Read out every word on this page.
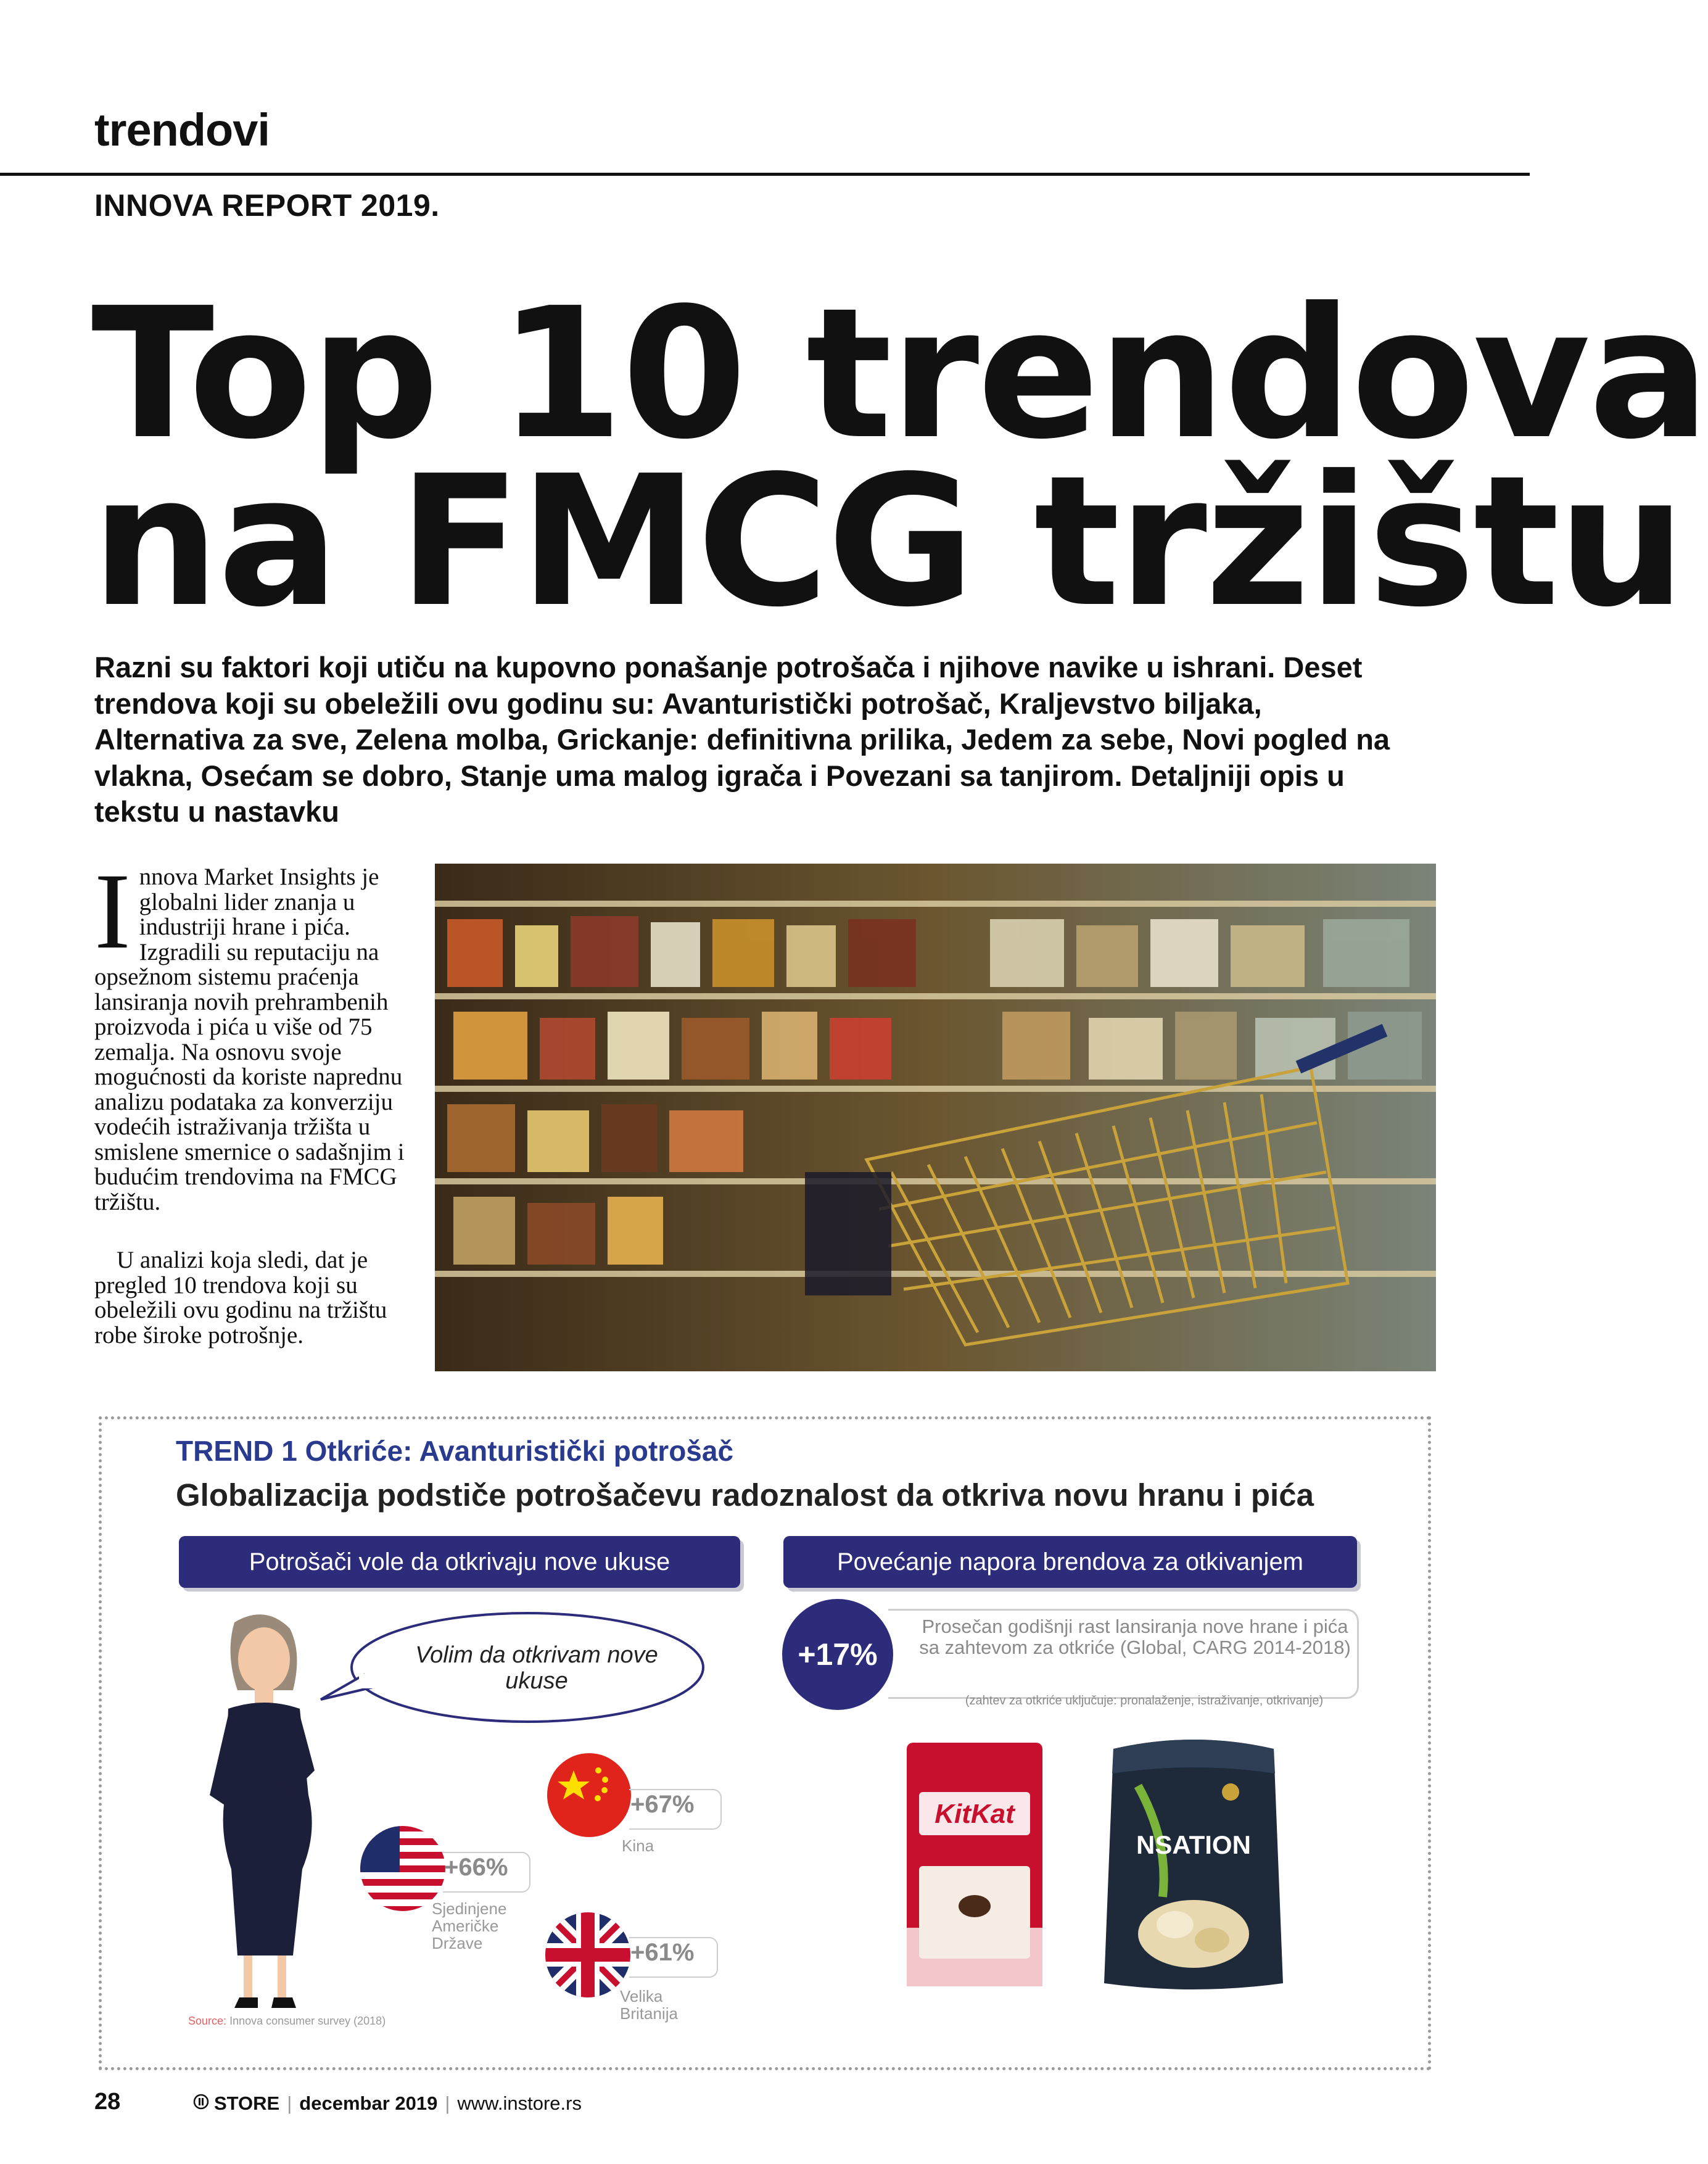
trendovi
INNOVA REPORT 2019.
Top 10 trendova
na FMCG tržištu
Razni su faktori koji utiču na kupovno ponašanje potrošača i njihove navike u ishrani. Deset trendova koji su obeležili ovu godinu su: Avanturistički potrošač, Kraljevstvo biljaka, Alternativa za sve, Zelena molba, Grickanje: definitivna prilika, Jedem za sebe, Novi pogled na vlakna, Osećam se dobro, Stanje uma malog igrača i Povezani sa tanjirom. Detaljniji opis u tekstu u nastavku

Innova Market Insights je globalni lider znanja u industriji hrane i pića. Izgradili su reputaciju na opsežnom sistemu praćenja lansiranja novih prehrambenih proizvoda i pića u više od 75 zemalja. Na osnovu svoje mogućnosti da koriste naprednu analizu podataka za konverziju vodećih istraživanja tržišta u smislene smernice o sadašnjim i budućim trendovima na FMCG tržištu.

U analizi koja sledi, dat je pregled 10 trendova koji su obeležili ovu godinu na tržištu robe široke potrošnje.

TREND 1 Otkriće: Avanturistički potrošač
Globalizacija podstiče potrošačevu radoznalost da otkriva novu hranu i pića
Potrošači vole da otkrivaju nove ukuse	Povećanje napora brendova za otkivanjem
Volim da otkrivam nove ukuse
+67%
Kina
+66%
Sjedinjene Američke Države	+61%
Velika Britanija
+17%
Prosečan godišnji rast lansiranja nove hrane i pića sa zahtevom za otkriće (Global, CARG 2014-2018)
(zahtev za otkriće uključuje: pronalaženje, istraživanje, otkrivanje)
KitKat
NSATION
Source: Innova consumer survey (2018)
28	STORE | decembar 2019 | www.instore.rs
